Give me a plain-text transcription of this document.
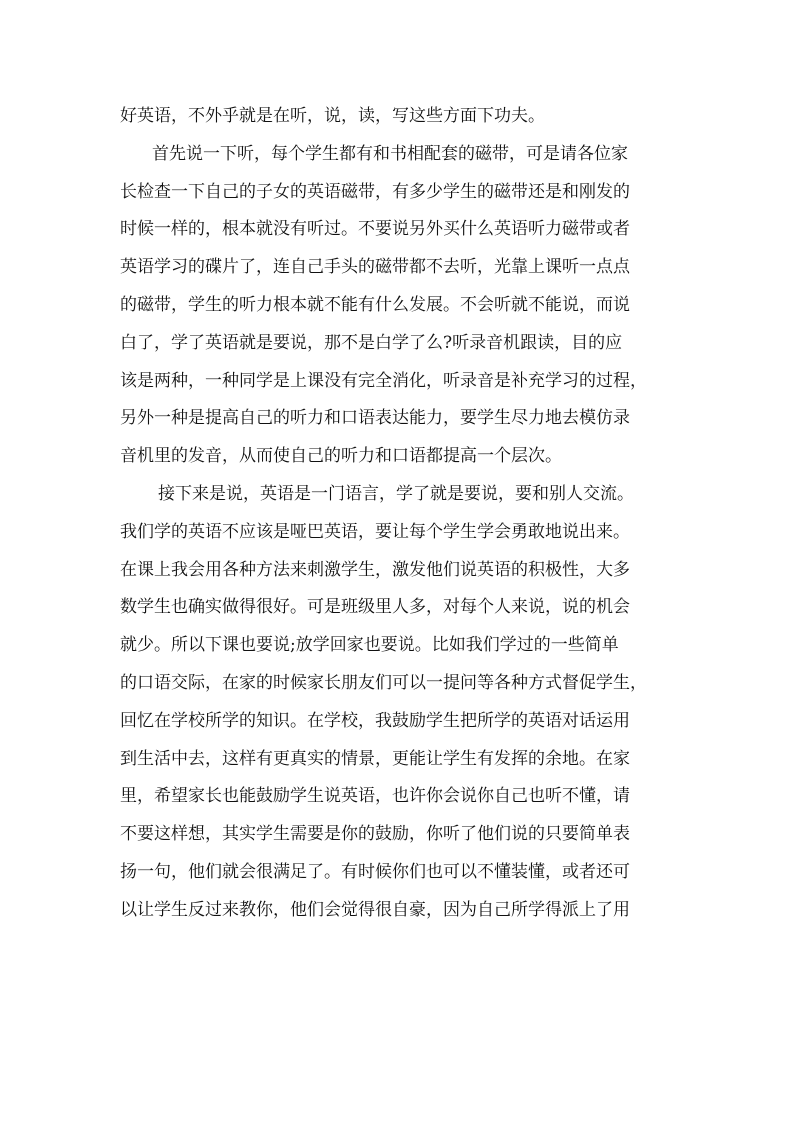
好英语，不外乎就是在听，说，读，写这些方面下功夫。
首先说一下听，每个学生都有和书相配套的磁带，可是请各位家
长检查一下自己的子女的英语磁带，有多少学生的磁带还是和刚发的
时候一样的，根本就没有听过。不要说另外买什么英语听力磁带或者
英语学习的碟片了，连自己手头的磁带都不去听，光靠上课听一点点
的磁带，学生的听力根本就不能有什么发展。不会听就不能说，而说
白了，学了英语就是要说，那不是白学了么?听录音机跟读，目的应
该是两种，一种同学是上课没有完全消化，听录音是补充学习的过程，
另外一种是提高自己的听力和口语表达能力，要学生尽力地去模仿录
音机里的发音，从而使自己的听力和口语都提高一个层次。
接下来是说，英语是一门语言，学了就是要说，要和别人交流。
我们学的英语不应该是哑巴英语，要让每个学生学会勇敢地说出来。
在课上我会用各种方法来刺激学生，激发他们说英语的积极性，大多
数学生也确实做得很好。可是班级里人多，对每个人来说，说的机会
就少。所以下课也要说;放学回家也要说。比如我们学过的一些简单
的口语交际，在家的时候家长朋友们可以一提问等各种方式督促学生，
回忆在学校所学的知识。在学校，我鼓励学生把所学的英语对话运用
到生活中去，这样有更真实的情景，更能让学生有发挥的余地。在家
里，希望家长也能鼓励学生说英语，也许你会说你自己也听不懂，请
不要这样想，其实学生需要是你的鼓励，你听了他们说的只要简单表
扬一句，他们就会很满足了。有时候你们也可以不懂装懂，或者还可
以让学生反过来教你，他们会觉得很自豪，因为自己所学得派上了用
